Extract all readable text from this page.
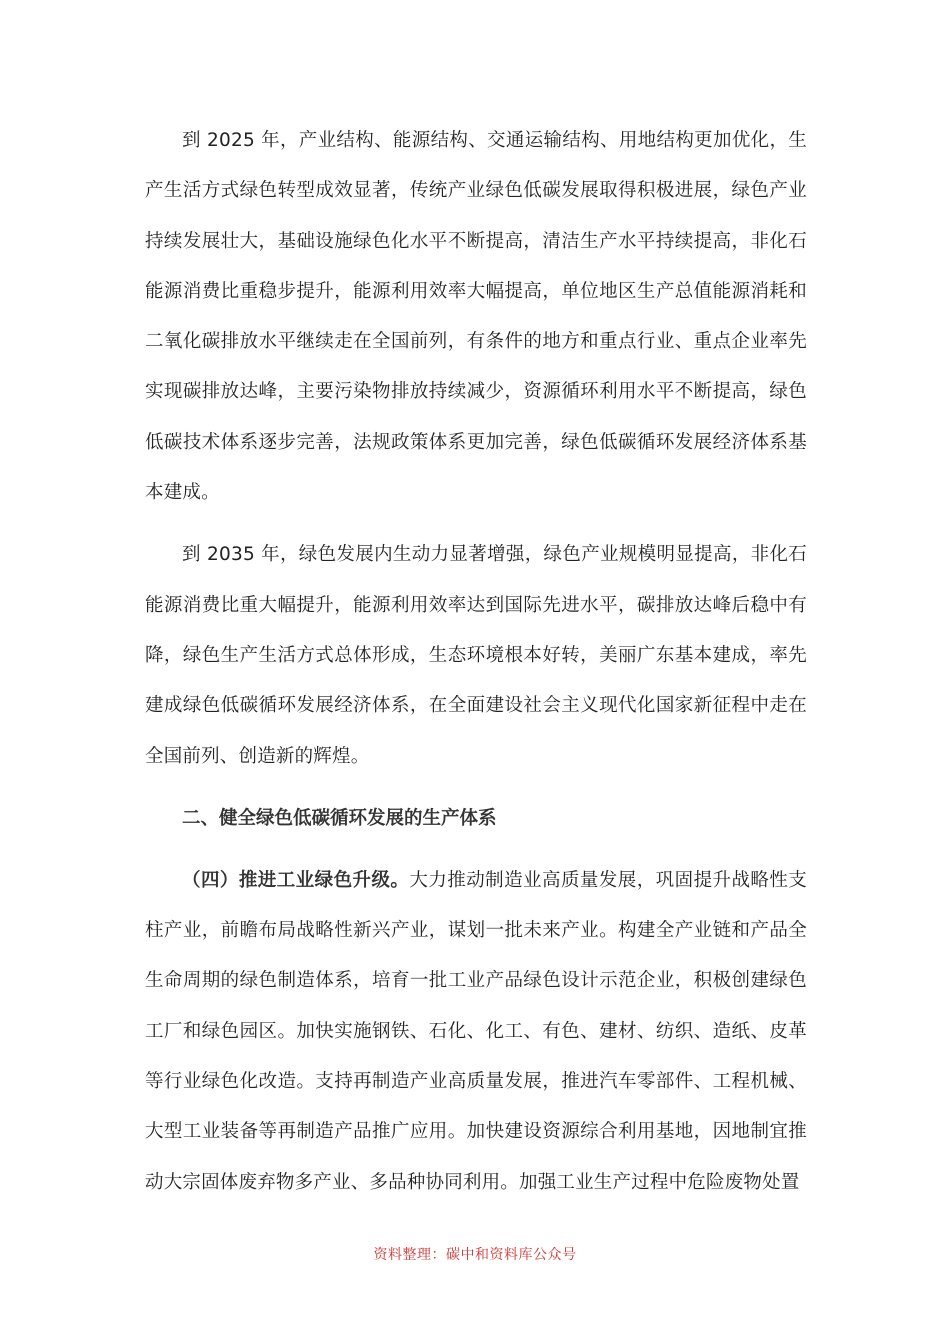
到 2025 年，产业结构、能源结构、交通运输结构、用地结构更加优化，生产生活方式绿色转型成效显著，传统产业绿色低碳发展取得积极进展，绿色产业持续发展壮大，基础设施绿色化水平不断提高，清洁生产水平持续提高，非化石能源消费比重稳步提升，能源利用效率大幅提高，单位地区生产总值能源消耗和二氧化碳排放水平继续走在全国前列，有条件的地方和重点行业、重点企业率先实现碳排放达峰，主要污染物排放持续减少，资源循环利用水平不断提高，绿色低碳技术体系逐步完善，法规政策体系更加完善，绿色低碳循环发展经济体系基本建成。

到 2035 年，绿色发展内生动力显著增强，绿色产业规模明显提高，非化石能源消费比重大幅提升，能源利用效率达到国际先进水平，碳排放达峰后稳中有降，绿色生产生活方式总体形成，生态环境根本好转，美丽广东基本建成，率先建成绿色低碳循环发展经济体系，在全面建设社会主义现代化国家新征程中走在全国前列、创造新的辉煌。

二、健全绿色低碳循环发展的生产体系

（四）推进工业绿色升级。大力推动制造业高质量发展，巩固提升战略性支柱产业，前瞻布局战略性新兴产业，谋划一批未来产业。构建全产业链和产品全生命周期的绿色制造体系，培育一批工业产品绿色设计示范企业，积极创建绿色工厂和绿色园区。加快实施钢铁、石化、化工、有色、建材、纺织、造纸、皮革等行业绿色化改造。支持再制造产业高质量发展，推进汽车零部件、工程机械、大型工业装备等再制造产品推广应用。加快建设资源综合利用基地，因地制宜推动大宗固体废弃物多产业、多品种协同利用。加强工业生产过程中危险废物处置

资料整理：碳中和资料库公众号
